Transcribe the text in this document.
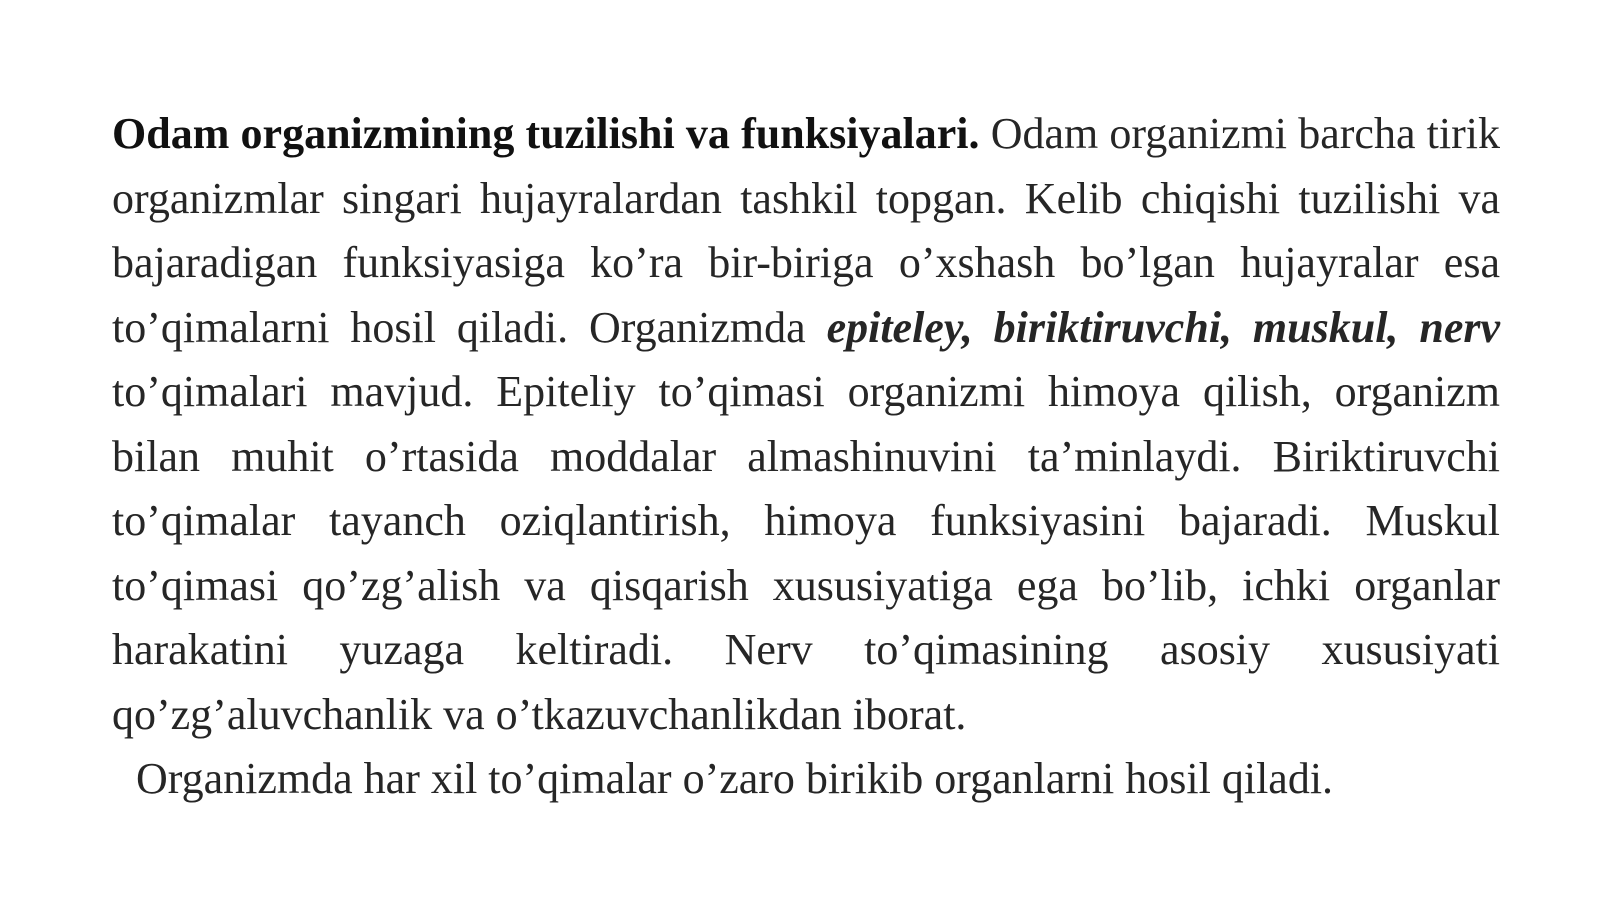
Odam organizmining tuzilishi va funksiyalari. Odam organizmi barcha tirik organizmlar singari hujayralardan tashkil topgan. Kelib chiqishi tuzilishi va bajaradigan funksiyasiga ko’ra bir-biriga o’xshash bo’lgan hujayralar esa to’qimalarni hosil qiladi. Organizmda epiteley, biriktiruvchi, muskul, nerv to’qimalari mavjud. Epiteliy to’qimasi organizmi himoya qilish, organizm bilan muhit o’rtasida moddalar almashinuvini ta’minlaydi. Biriktiruvchi to’qimalar tayanch oziqlantirish, himoya funksiyasini bajaradi. Muskul to’qimasi qo’zg’alish va qisqarish xususiyatiga ega bo’lib, ichki organlar harakatini yuzaga keltiradi. Nerv to’qimasining asosiy xususiyati qo’zg’aluvchanlik va o’tkazuvchanlikdan iborat.

Organizmda har xil to’qimalar o’zaro birikib organlarni hosil qiladi.
